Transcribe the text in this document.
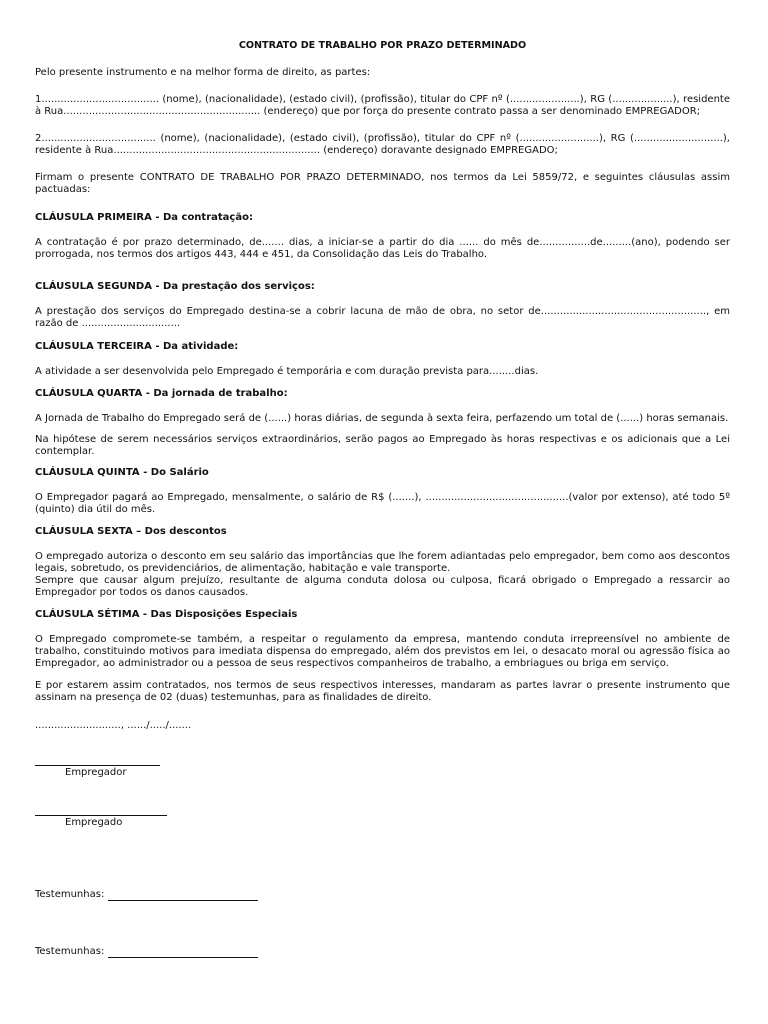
CONTRATO DE TRABALHO POR PRAZO DETERMINADO

Pelo presente instrumento e na melhor forma de direito, as partes:

1..................................... (nome), (nacionalidade), (estado civil), (profissão), titular do CPF nº (......................), RG (...................), residente à Rua.............................................................. (endereço) que por força do presente contrato passa a ser denominado EMPREGADOR;

2.................................... (nome), (nacionalidade), (estado civil), (profissão), titular do CPF nº (.........................), RG (............................), residente à Rua................................................................. (endereço) doravante designado EMPREGADO;

Firmam o presente CONTRATO DE TRABALHO POR PRAZO DETERMINADO, nos termos da Lei 5859/72, e seguintes cláusulas assim pactuadas:

CLÁUSULA PRIMEIRA - Da contratação:

A contratação é por prazo determinado, de....... dias, a iniciar-se a partir do dia ...... do mês de................de.........(ano), podendo ser prorrogada, nos termos dos artigos 443, 444 e 451, da Consolidação das Leis do Trabalho.

CLÁUSULA SEGUNDA - Da prestação dos serviços:

A prestação dos serviços do Empregado destina-se a cobrir lacuna de mão de obra, no setor de...................................................., em razão de ...............................

CLÁUSULA TERCEIRA - Da atividade:

A atividade a ser desenvolvida pelo Empregado é temporária e com duração prevista para........dias.

CLÁUSULA QUARTA - Da jornada de trabalho:

A Jornada de Trabalho do Empregado será de (......) horas diárias, de segunda à sexta feira, perfazendo um total de (......) horas semanais.

Na hipótese de serem necessários serviços extraordinários, serão pagos ao Empregado às horas respectivas e os adicionais que a Lei contemplar.

CLÁUSULA QUINTA - Do Salário

O Empregador pagará ao Empregado, mensalmente, o salário de R$ (.......), .............................................(valor por extenso), até todo 5º (quinto) dia útil do mês.

CLÁUSULA SEXTA – Dos descontos

O empregado autoriza o desconto em seu salário das importâncias que lhe forem adiantadas pelo empregador, bem como aos descontos legais, sobretudo, os previdenciários, de alimentação, habitação e vale transporte.

Sempre que causar algum prejuízo, resultante de alguma conduta dolosa ou culposa, ficará obrigado o Empregado a ressarcir ao Empregador por todos os danos causados.

CLÁUSULA SÉTIMA - Das Disposições Especiais

O Empregado compromete-se também, a respeitar o regulamento da empresa, mantendo conduta irrepreensível no ambiente de trabalho, constituindo motivos para imediata dispensa do empregado, além dos previstos em lei, o desacato moral ou agressão física ao Empregador, ao administrador ou a pessoa de seus respectivos companheiros de trabalho, a embriagues ou briga em serviço.

E por estarem assim contratados, nos termos de seus respectivos interesses, mandaram as partes lavrar o presente instrumento que assinam na presença de 02 (duas) testemunhas, para as finalidades de direito.

..........................., ....../...../.......
Empregador
Empregado
Testemunhas:
Testemunhas:
